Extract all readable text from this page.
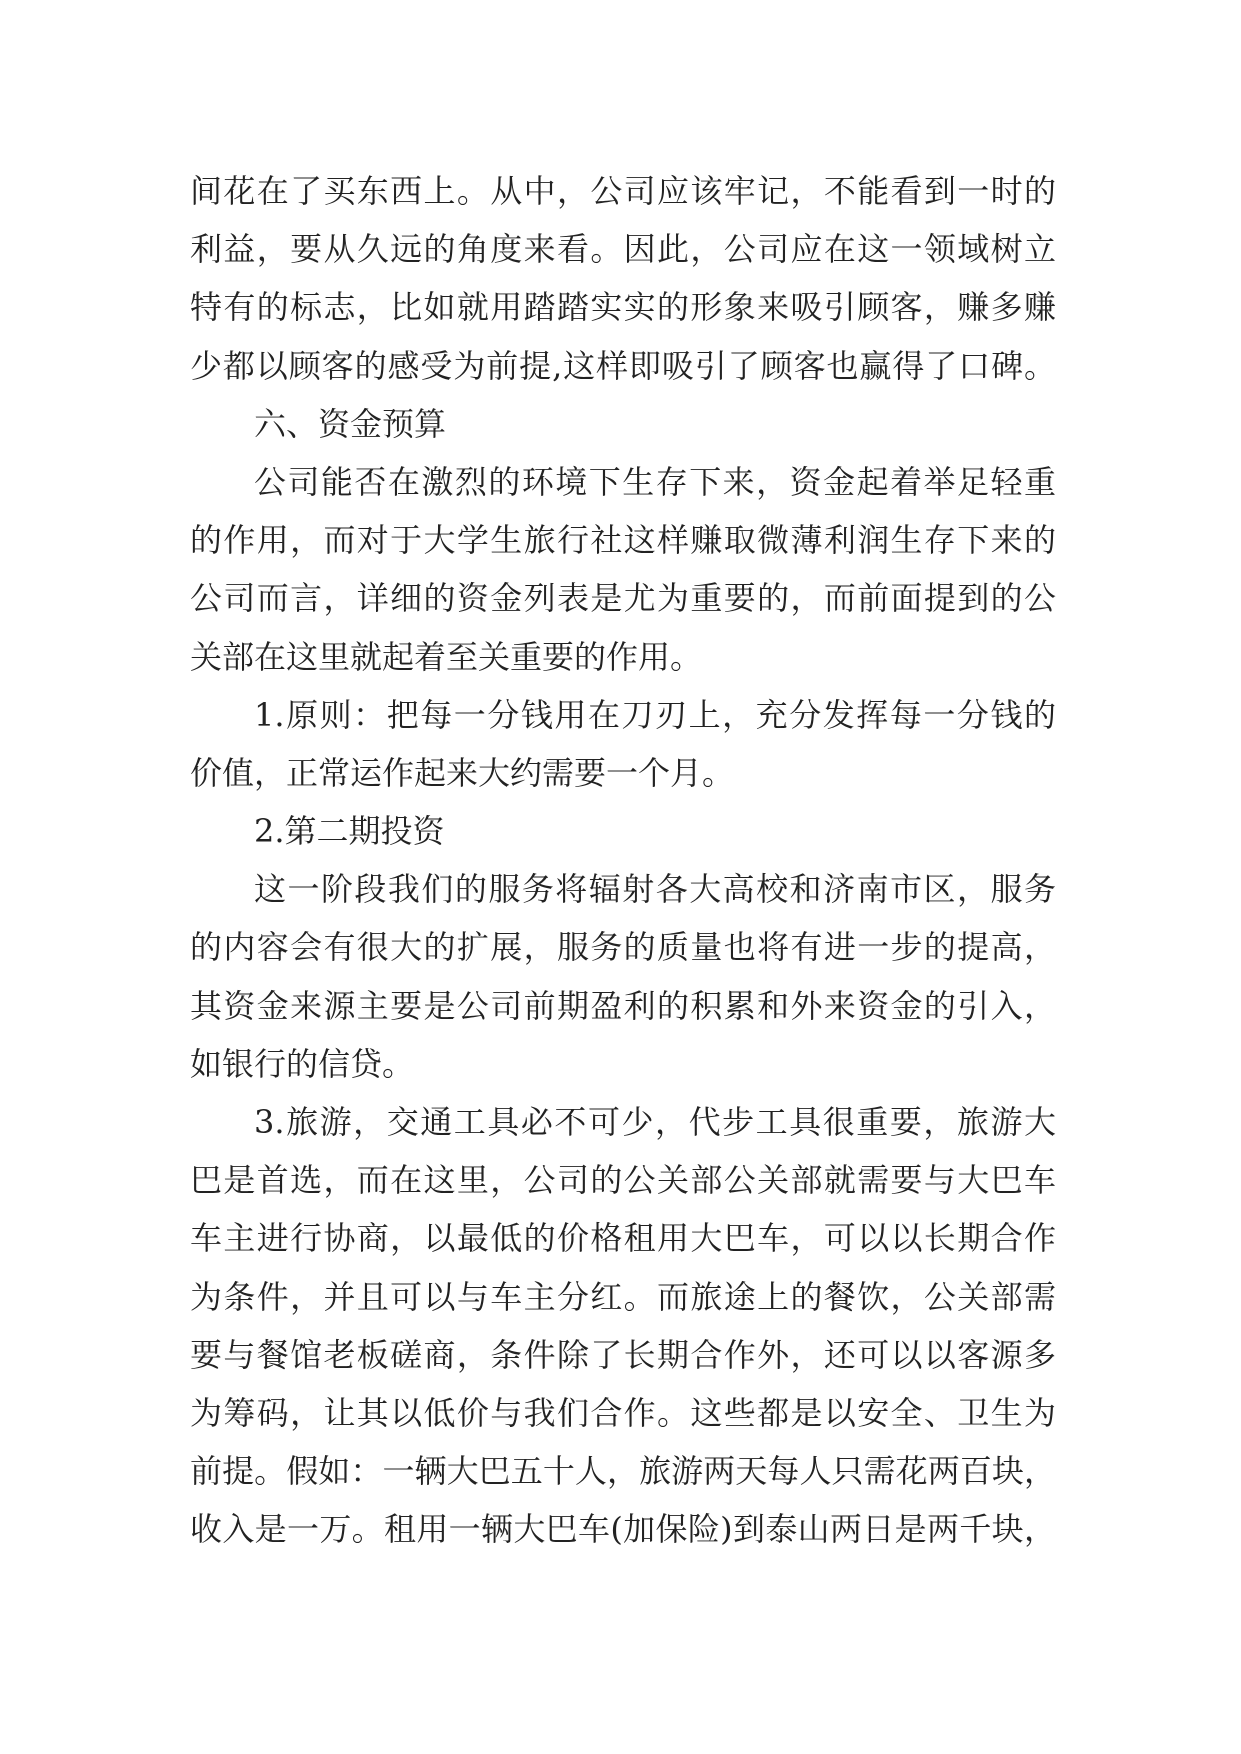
间花在了买东西上。从中，公司应该牢记，不能看到一时的
利益，要从久远的角度来看。因此，公司应在这一领域树立
特有的标志，比如就用踏踏实实的形象来吸引顾客，赚多赚
少都以顾客的感受为前提,这样即吸引了顾客也赢得了口碑。
六、资金预算
公司能否在激烈的环境下生存下来，资金起着举足轻重
的作用，而对于大学生旅行社这样赚取微薄利润生存下来的
公司而言，详细的资金列表是尤为重要的，而前面提到的公
关部在这里就起着至关重要的作用。
1.原则：把每一分钱用在刀刃上，充分发挥每一分钱的
价值，正常运作起来大约需要一个月。
2.第二期投资
这一阶段我们的服务将辐射各大高校和济南市区，服务
的内容会有很大的扩展，服务的质量也将有进一步的提高，
其资金来源主要是公司前期盈利的积累和外来资金的引入，
如银行的信贷。
3.旅游，交通工具必不可少，代步工具很重要，旅游大
巴是首选，而在这里，公司的公关部公关部就需要与大巴车
车主进行协商，以最低的价格租用大巴车，可以以长期合作
为条件，并且可以与车主分红。而旅途上的餐饮，公关部需
要与餐馆老板磋商，条件除了长期合作外，还可以以客源多
为筹码，让其以低价与我们合作。这些都是以安全、卫生为
前提。假如：一辆大巴五十人，旅游两天每人只需花两百块，
收入是一万。租用一辆大巴车(加保险)到泰山两日是两千块，
